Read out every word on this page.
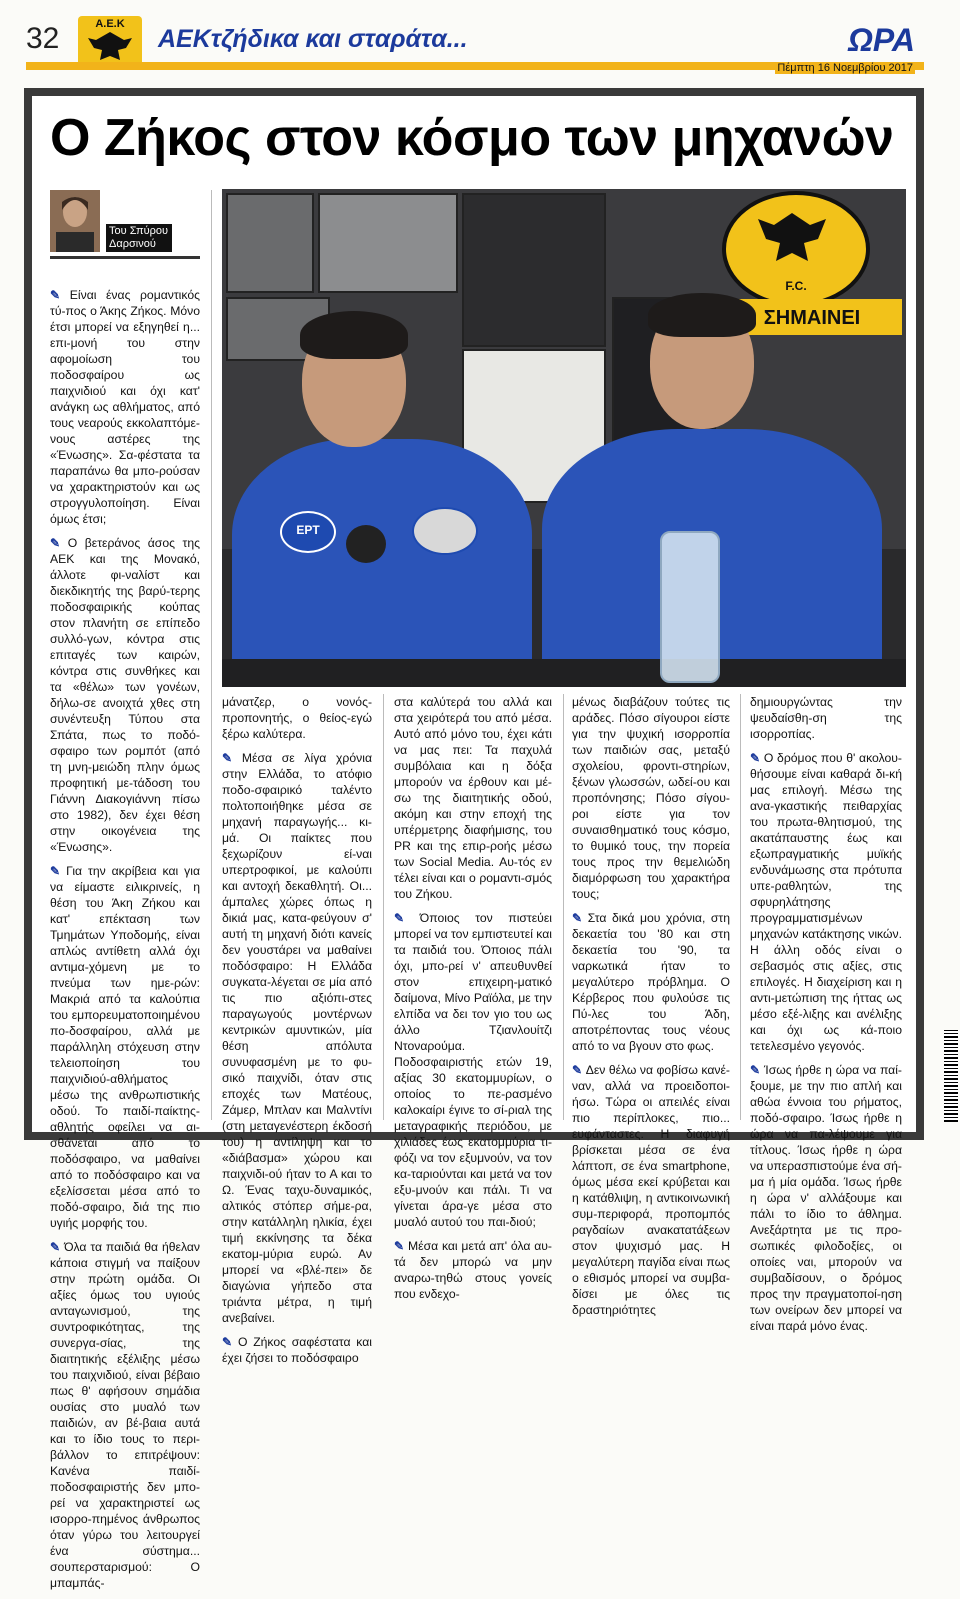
32	Α.Ε.Κ
ΑΕΚτζήδικα και σταράτα...	ΩΡΑ
Πέμπτη 16 Νοεμβρίου 2017
Ο Ζήκος στον κόσμο των μηχανών
Του Σπύρου Δαρσινού
F.C.
ΣΗΜΑΙΝΕΙ
ΕΡΤ

✎ Είναι ένας ρομαντικός τύ-πος ο Άκης Ζήκος. Μόνο έτσι μπορεί να εξηγηθεί η... επι-μονή του στην αφομοίωση του ποδοσφαίρου ως παιχνιδιού και όχι κατ' ανάγκη ως αθλήματος, από τους νεαρούς εκκολαπτόμε-νους αστέρες της «Ένωσης». Σα-φέστατα τα παραπάνω θα μπο-ρούσαν να χαρακτηριστούν και ως στρογγυλοποίηση. Είναι όμως έτσι;

✎ Ο βετεράνος άσος της ΑΕΚ και της Μονακό, άλλοτε φι-ναλίστ και διεκδικητής της βαρύ-τερης ποδοσφαιρικής κούπας στον πλανήτη σε επίπεδο συλλό-γων, κόντρα στις επιταγές των καιρών, κόντρα στις συνθήκες και τα «θέλω» των γονέων, δήλω-σε ανοιχτά χθες στη συνέντευξη Τύπου στα Σπάτα, πως το ποδό-σφαιρο των ρομπότ (από τη μνη-μειώδη πλην όμως προφητική με-τάδοση του Γιάννη Διακογιάννη πίσω στο 1982), δεν έχει θέση στην οικογένεια της «Ένωσης».

✎ Για την ακρίβεια και για να είμαστε ειλικρινείς, η θέση του Άκη Ζήκου και κατ' επέκταση των Τμημάτων Υποδομής, είναι απλώς αντίθετη αλλά όχι αντιμα-χόμενη με το πνεύμα των ημε-ρών: Μακριά από τα καλούπια του εμπορευματοποιημένου πο-δοσφαίρου, αλλά με παράλληλη στόχευση στην τελειοποίηση του παιχνιδιού-αθλήματος μέσω της ανθρωπιστικής οδού. Το παιδί-παίκτης-αθλητής οφείλει να αι-σθάνεται από το ποδόσφαιρο, να μαθαίνει από το ποδόσφαιρο και να εξελίσσεται μέσα από το ποδό-σφαιρο, διά της πιο υγιής μορφής του.

✎ Όλα τα παιδιά θα ήθελαν κάποια στιγμή να παίξουν στην πρώτη ομάδα. Οι αξίες όμως του υγιούς ανταγωνισμού, της συντροφικότητας, της συνεργα-σίας, της διαιτητικής εξέλιξης μέσω του παιχνιδιού, είναι βέβαιο πως θ' αφήσουν σημάδια ουσίας στο μυαλό των παιδιών, αν βέ-βαια αυτά και το ίδιο τους το περι-βάλλον το επιτρέψουν: Κανένα παιδί-ποδοσφαιριστής δεν μπο-ρεί να χαρακτηριστεί ως ισορρο-πημένος άνθρωπος όταν γύρω του λειτουργεί ένα σύστημα... σουπερσταρισμού: Ο μπαμπάς-

μάνατζερ, ο νονός-προπονητής, ο θείος-εγώ ξέρω καλύτερα.

✎ Μέσα σε λίγα χρόνια στην Ελλάδα, το ατόφιο ποδο-σφαιρικό ταλέντο πολτοποιήθηκε μέσα σε μηχανή παραγωγής... κι-μά. Οι παίκτες που ξεχωρίζουν εί-ναι υπερτροφικοί, με καλούπι και αντοχή δεκαθλητή. Οι... άμπαλες χώρες όπως η δικιά μας, κατα-φεύγουν σ' αυτή τη μηχανή διότι κανείς δεν γουστάρει να μαθαίνει ποδόσφαιρο: Η Ελλάδα συγκατα-λέγεται σε μία από τις πιο αξιόπι-στες παραγωγούς μοντέρνων κεντρικών αμυντικών, μία θέση απόλυτα συνυφασμένη με το φυ-σικό παιχνίδι, όταν στις εποχές των Ματέους, Ζάμερ, Μπλαν και Μαλντίνι (στη μεταγενέστερη έκδοσή του) η αντίληψη και το «διάβασμα» χώρου και παιχνιδι-ού ήταν το Α και το Ω. Ένας ταχυ-δυναμικός, αλτικός στόπερ σήμε-ρα, στην κατάλληλη ηλικία, έχει τιμή εκκίνησης τα δέκα εκατομ-μύρια ευρώ. Αν μπορεί να «βλέ-πει» δε διαγώνια γήπεδο στα τριάντα μέτρα, η τιμή ανεβαίνει.

✎ Ο Ζήκος σαφέστατα και έχει ζήσει το ποδόσφαιρο

στα καλύτερά του αλλά και στα χειρότερά του από μέσα. Αυτό από μόνο του, έχει κάτι να μας πει: Τα παχυλά συμβόλαια και η δόξα μπορούν να έρθουν και μέ-σω της διαιτητικής οδού, ακόμη και στην εποχή της υπέρμετρης διαφήμισης, του PR και της επιρ-ροής μέσω των Social Media. Αυ-τός εν τέλει είναι και ο ρομαντι-σμός του Ζήκου.

✎ Όποιος τον πιστεύει μπορεί να τον εμπιστευτεί και τα παιδιά του. Όποιος πάλι όχι, μπο-ρεί ν' απευθυνθεί στον επιχειρη-ματικό δαίμονα, Μίνο Ραϊόλα, με την ελπίδα να δει τον γιο του ως άλλο Τζιανλουίτζι Ντοναρούμα. Ποδοσφαιριστής ετών 19, αξίας 30 εκατομμυρίων, ο οποίος το πε-ρασμένο καλοκαίρι έγινε το σί-ριαλ της μεταγραφικής περιόδου, με χιλιάδες έως εκατομμύρια τι-φόζι να τον εξυμνούν, να τον κα-ταριούνται και μετά να τον εξυ-μνούν και πάλι. Τι να γίνεται άρα-γε μέσα στο μυαλό αυτού του παι-διού;

✎ Μέσα και μετά απ' όλα αυ-τά δεν μπορώ να μην αναρω-τηθώ στους γονείς που ενδεχο-

μένως διαβάζουν τούτες τις αράδες. Πόσο σίγουροι είστε για την ψυχική ισορροπία των παιδιών σας, μεταξύ σχολείου, φροντι-στηρίων, ξένων γλωσσών, ωδεί-ου και προπόνησης; Πόσο σίγου-ροι είστε για τον συναισθηματικό τους κόσμο, το θυμικό τους, την πορεία τους προς την θεμελιώδη διαμόρφωση του χαρακτήρα τους;

✎ Στα δικά μου χρόνια, στη δεκαετία του '80 και στη δεκαετία του '90, τα ναρκωτικά ήταν το μεγαλύτερο πρόβλημα. Ο Κέρβερος που φυλούσε τις Πύ-λες του Άδη, αποτρέποντας τους νέους από το να βγουν στο φως.

✎ Δεν θέλω να φοβίσω κανέ-ναν, αλλά να προειδοποι-ήσω. Τώρα οι απειλές είναι πιο περίπλοκες, πιο... ευφάνταστες. Η διαφυγή βρίσκεται μέσα σε ένα λάπτοπ, σε ένα smartphone, όμως μέσα εκεί κρύβεται και η κατάθλιψη, η αντικοινωνική συμ-περιφορά, προπομπός ραγδαίων ανακατατάξεων στον ψυχισμό μας. Η μεγαλύτερη παγίδα είναι πως ο εθισμός μπορεί να συμβα-δίσει με όλες τις δραστηριότητες

δημιουργώντας την ψευδαίσθη-ση της ισορροπίας.

✎ Ο δρόμος που θ' ακολου-θήσουμε είναι καθαρά δι-κή μας επιλογή. Μέσω της ανα-γκαστικής πειθαρχίας του πρωτα-θλητισμού, της ακατάπαυστης έως και εξωπραγματικής μυϊκής ενδυνάμωσης στα πρότυπα υπε-ραθλητών, της σφυρηλάτησης προγραμματισμένων μηχανών κατάκτησης νικών. Η άλλη οδός είναι ο σεβασμός στις αξίες, στις επιλογές. Η διαχείριση και η αντι-μετώπιση της ήττας ως μέσο εξέ-λιξης και ανέλιξης και όχι ως κά-ποιο τετελεσμένο γεγονός.

✎ Ίσως ήρθε η ώρα να παί-ξουμε, με την πιο απλή και αθώα έννοια του ρήματος, ποδό-σφαιρο. Ίσως ήρθε η ώρα να πα-λέψουμε για τίτλους. Ίσως ήρθε η ώρα να υπερασπιστούμε ένα σή-μα ή μία ομάδα. Ίσως ήρθε η ώρα ν' αλλάξουμε και πάλι το ίδιο το άθλημα. Ανεξάρτητα με τις προ-σωπικές φιλοδοξίες, οι οποίες ναι, μπορούν να συμβαδίσουν, ο δρόμος προς την πραγματοποί-ηση των ονείρων δεν μπορεί να είναι παρά μόνο ένας.
